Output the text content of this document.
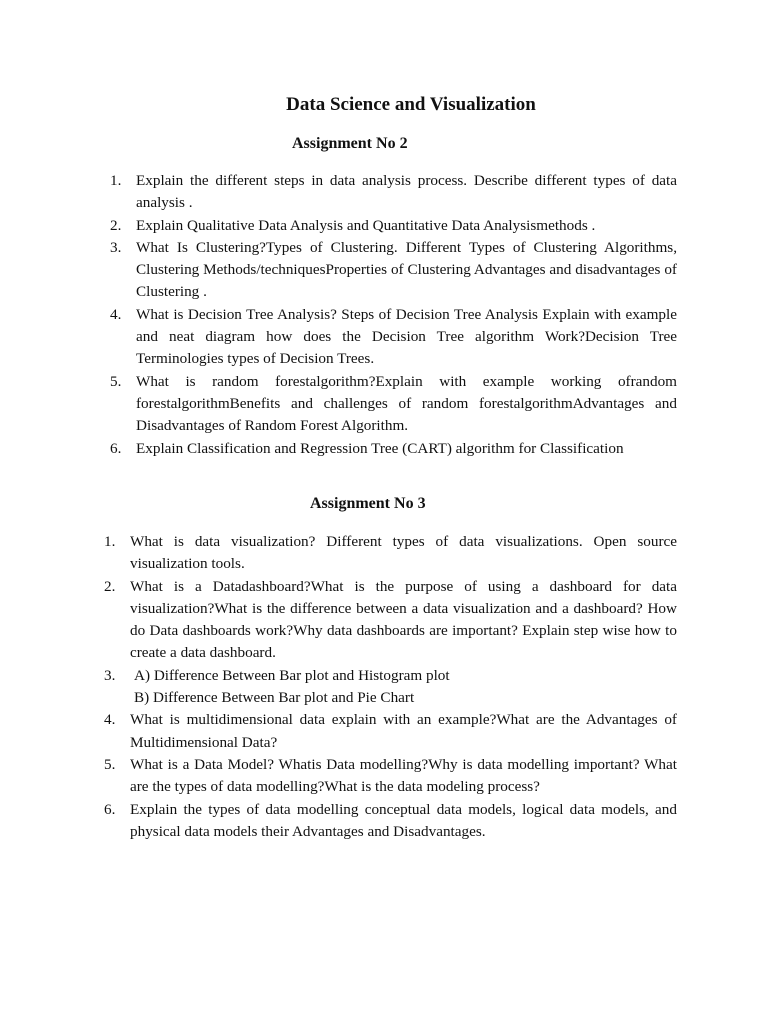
Data Science and Visualization
Assignment No 2
1. Explain the different steps in data analysis process. Describe different types of data analysis .
2. Explain Qualitative Data Analysis and Quantitative Data Analysismethods .
3. What Is Clustering?Types of Clustering. Different Types of Clustering Algorithms, Clustering Methods/techniquesProperties of Clustering Advantages and disadvantages of Clustering .
4. What is Decision Tree Analysis? Steps of Decision Tree Analysis Explain with example and neat diagram how does the Decision Tree algorithm Work?Decision Tree Terminologies types of Decision Trees.
5. What is random forestalgorithm?Explain with example working ofrandom forestalgorithmBenefits and challenges of random forestalgorithmAdvantages and Disadvantages of Random Forest Algorithm.
6. Explain Classification and Regression Tree (CART) algorithm for Classification
Assignment No 3
1. What is data visualization? Different types of data visualizations. Open source visualization tools.
2. What is a Datadashboard?What is the purpose of using a dashboard for data visualization?What is the difference between a data visualization and a dashboard? How do Data dashboards work?Why data dashboards are important? Explain step wise how to create a data dashboard.
3. A) Difference Between Bar plot and Histogram plot
B) Difference Between Bar plot and Pie Chart
4. What is multidimensional data explain with an example?What are the Advantages of Multidimensional Data?
5. What is a Data Model? Whatis Data modelling?Why is data modelling important? What are the types of data modelling?What is the data modeling process?
6. Explain the types of data modelling conceptual data models, logical data models, and physical data models their Advantages and Disadvantages.
